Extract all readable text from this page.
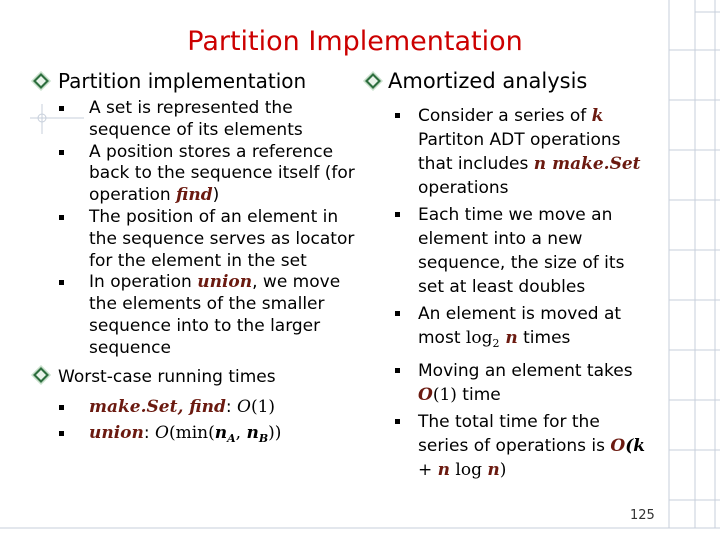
Partition Implementation
Partition implementation
A set is represented the sequence of its elements
A position stores a reference back to the sequence itself (for operation find)
The position of an element in the sequence serves as locator for the element in the set
In operation union, we move the elements of the smaller sequence into to the larger sequence
Worst-case running times
make.Set, find: O(1)
union: $O(\min(n_A$, $n_B$))
Amortized analysis
Consider a series of k Partiton ADT operations that includes n make.Set operations
Each time we move an element into a new sequence, the size of its set at least doubles
An element is moved at most $\log_2 n$ times
Moving an element takes O(1) time
The total time for the series of operations is O(k + n log n)
125
